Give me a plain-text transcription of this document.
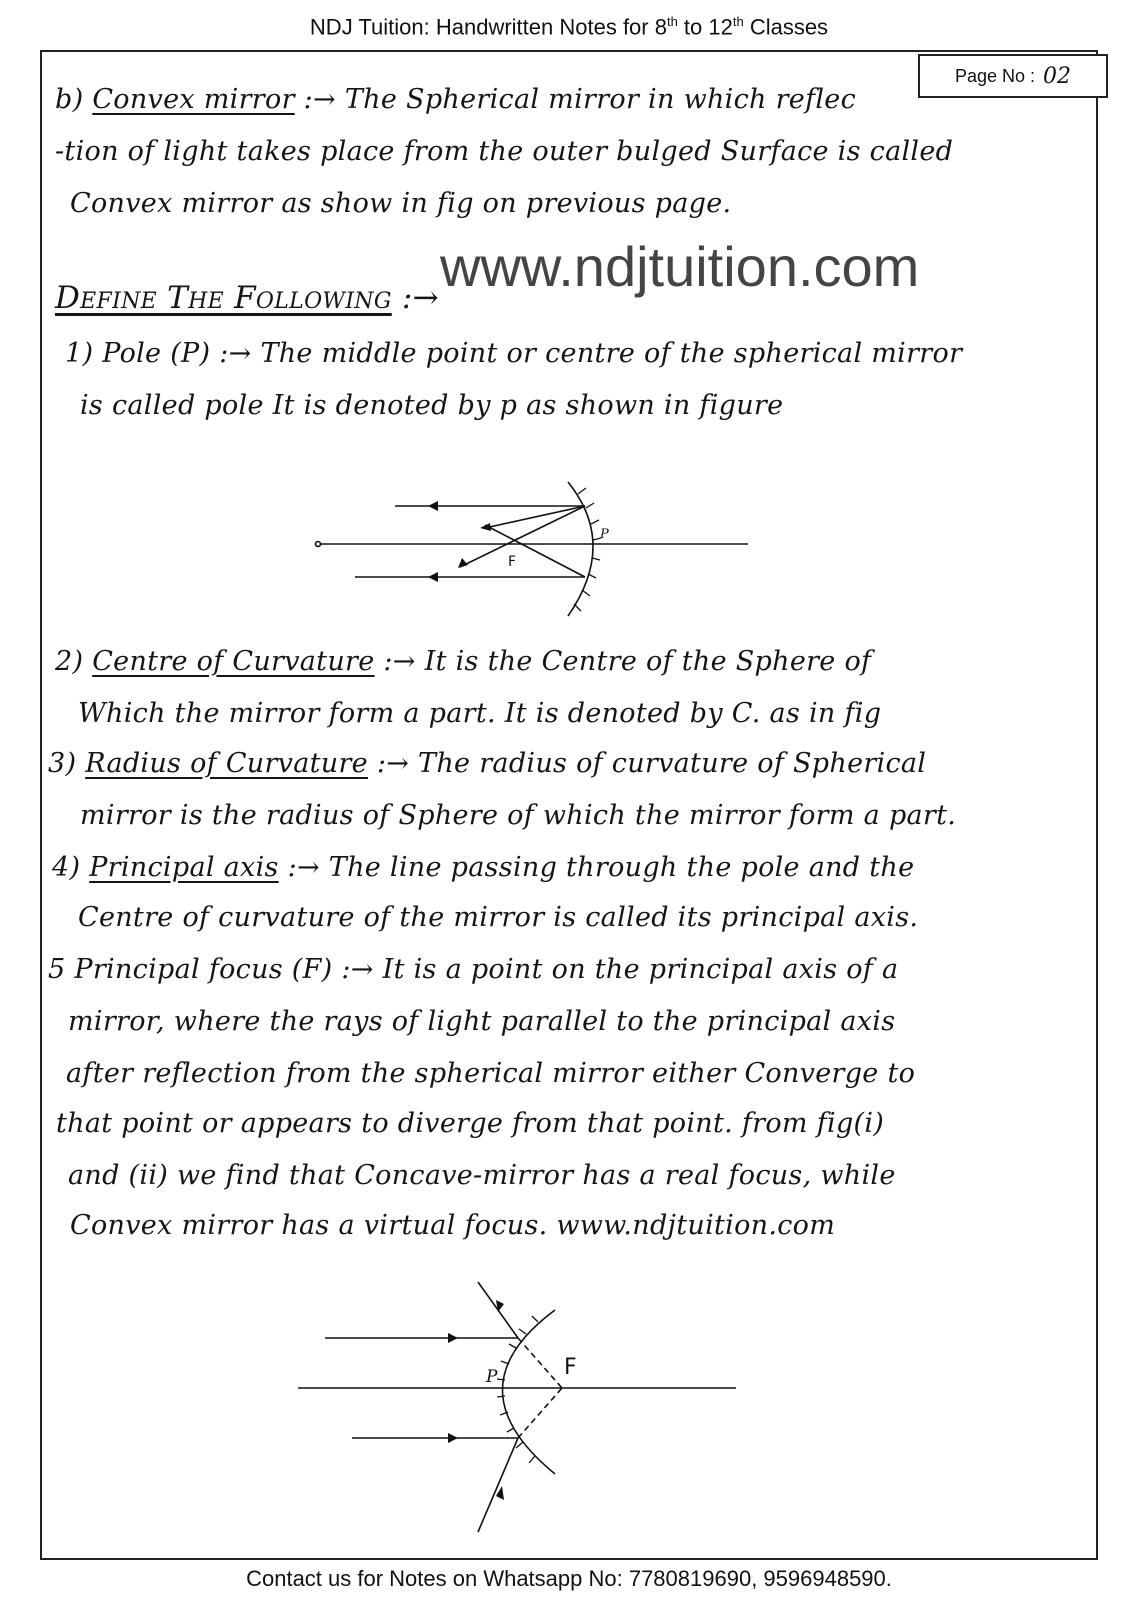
NDJ Tuition: Handwritten Notes for 8th to 12th Classes
Page No : 02
b) Convex mirror :→ The Spherical mirror in which reflec
-tion of light takes place from the outer bulged Surface is called
Convex mirror as show in fig on previous page.
www.ndjtuition.com
Define The Following :→
1) Pole (P) :→ The middle point or centre of the spherical mirror
is called pole It is denoted by p as shown in figure
P
F
2) Centre of Curvature :→ It is the Centre of the Sphere of
Which the mirror form a part. It is denoted by C. as in fig
3) Radius of Curvature :→ The radius of curvature of Spherical
mirror is the radius of Sphere of which the mirror form a part.
4) Principal axis :→ The line passing through the pole and the
Centre of curvature of the mirror is called its principal axis.
5 Principal focus (F) :→ It is a point on the principal axis of a
mirror, where the rays of light parallel to the principal axis
after reflection from the spherical mirror either Converge to
that point or appears to diverge from that point. from fig(i)
and (ii) we find that Concave-mirror has a real focus, while
Convex mirror has a virtual focus. www.ndjtuition.com
P	F
Contact us for Notes on Whatsapp No: 7780819690, 9596948590.
